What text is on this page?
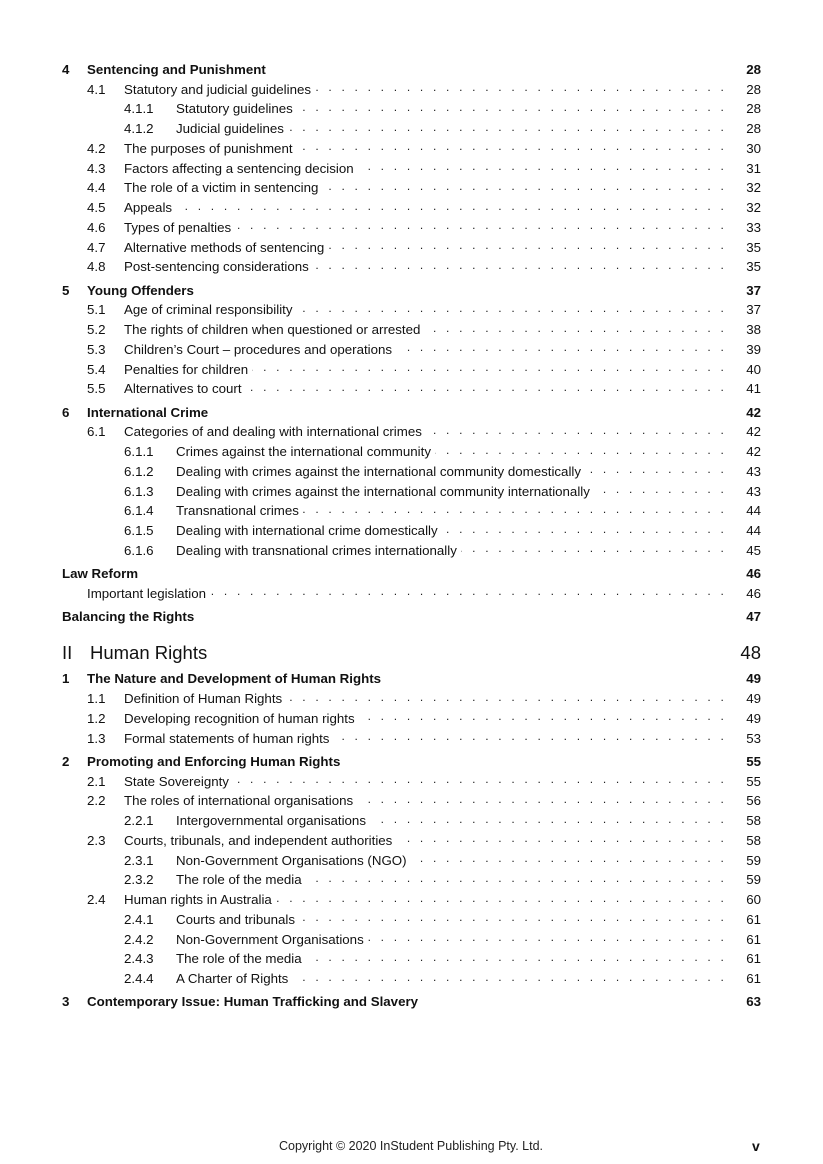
4	Sentencing and Punishment	28
4.1	Statutory and judicial guidelines . . .	28
4.1.1	Statutory guidelines . . .	28
4.1.2	Judicial guidelines . . .	28
4.2	The purposes of punishment . . .	30
4.3	Factors affecting a sentencing decision . . .	31
4.4	The role of a victim in sentencing . . .	32
4.5	Appeals . . .	32
4.6	Types of penalties . . .	33
4.7	Alternative methods of sentencing . . .	35
4.8	Post-sentencing considerations . . .	35
5	Young Offenders	37
5.1	Age of criminal responsibility . . .	37
5.2	The rights of children when questioned or arrested . . .	38
5.3	Children’s Court – procedures and operations . . .	39
5.4	Penalties for children . . .	40
5.5	Alternatives to court . . .	41
6	International Crime	42
6.1	Categories of and dealing with international crimes . . .	42
6.1.1	Crimes against the international community . . .	42
6.1.2	Dealing with crimes against the international community domestically . . .	43
6.1.3	Dealing with crimes against the international community internationally . . .	43
6.1.4	Transnational crimes . . .	44
6.1.5	Dealing with international crime domestically . . .	44
6.1.6	Dealing with transnational crimes internationally . . .	45
Law Reform	46
Important legislation . . .	46
Balancing the Rights	47
II Human Rights	48
1	The Nature and Development of Human Rights	49
1.1	Definition of Human Rights . . .	49
1.2	Developing recognition of human rights . . .	49
1.3	Formal statements of human rights . . .	53
2	Promoting and Enforcing Human Rights	55
2.1	State Sovereignty . . .	55
2.2	The roles of international organisations . . .	56
2.2.1	Intergovernmental organisations . . .	58
2.3	Courts, tribunals, and independent authorities . . .	58
2.3.1	Non-Government Organisations (NGO) . . .	59
2.3.2	The role of the media . . .	59
2.4	Human rights in Australia . . .	60
2.4.1	Courts and tribunals . . .	61
2.4.2	Non-Government Organisations . . .	61
2.4.3	The role of the media . . .	61
2.4.4	A Charter of Rights . . .	61
3	Contemporary Issue: Human Trafficking and Slavery	63
Copyright © 2020 InStudent Publishing Pty. Ltd.	v
